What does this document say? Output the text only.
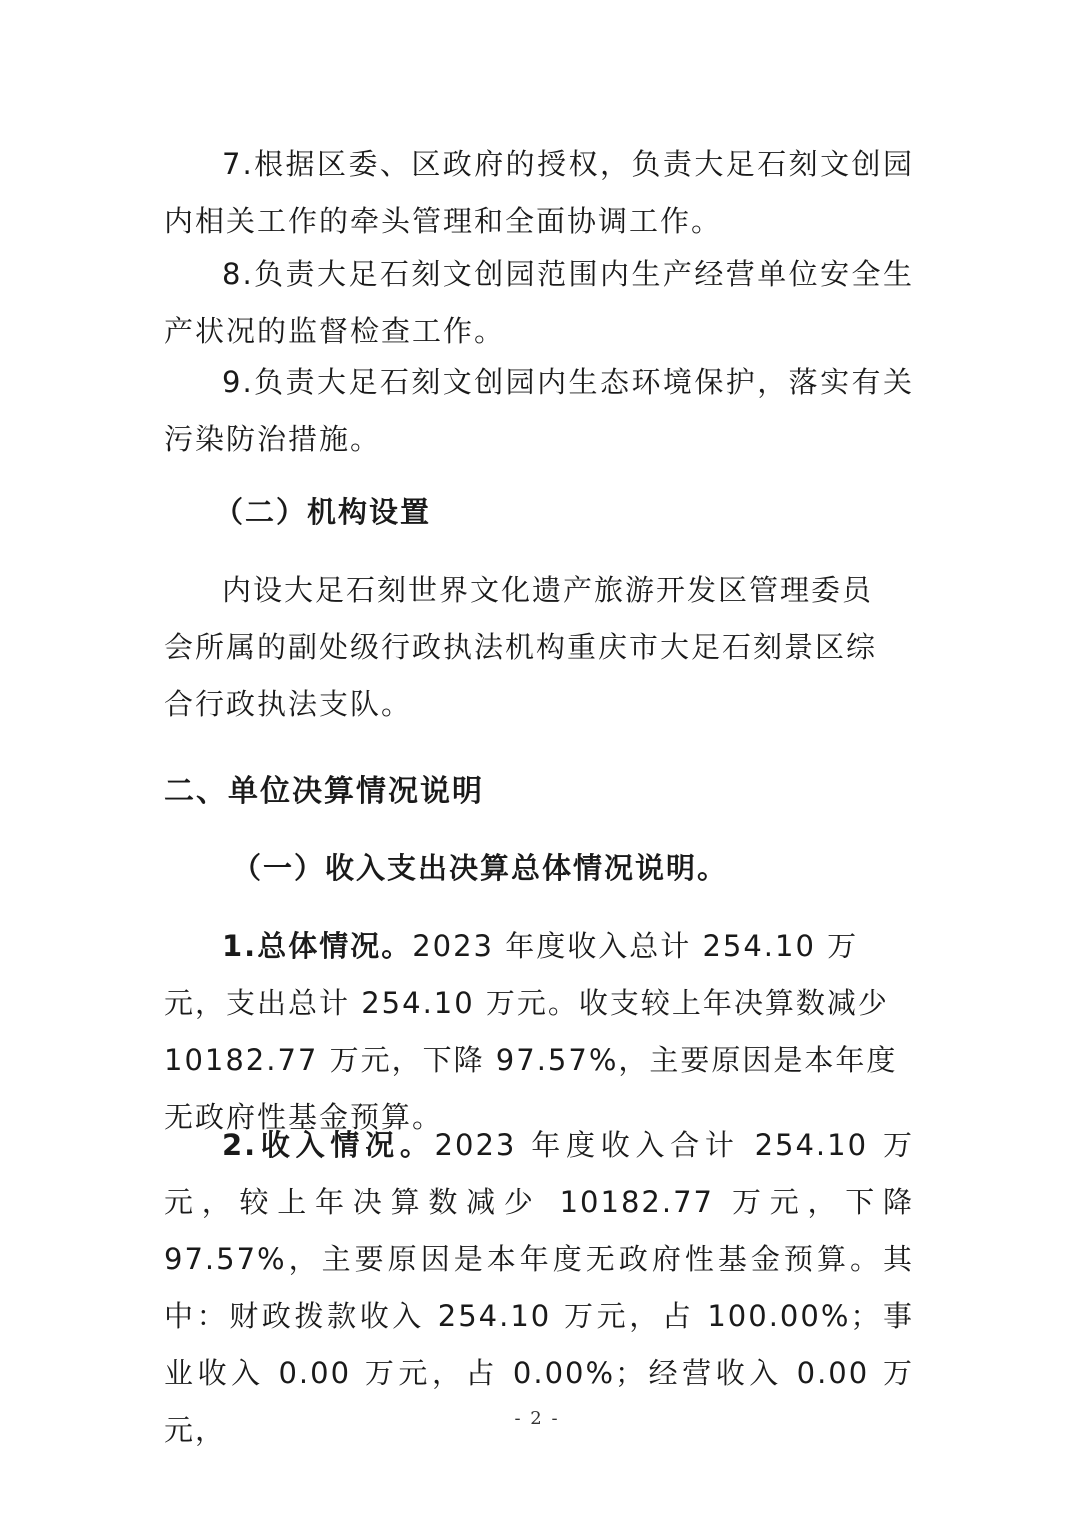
7.根据区委、区政府的授权，负责大足石刻文创园内相关工作的牵头管理和全面协调工作。

8.负责大足石刻文创园范围内生产经营单位安全生产状况的监督检查工作。

9.负责大足石刻文创园内生态环境保护，落实有关污染防治措施。

（二）机构设置

内设大足石刻世界文化遗产旅游开发区管理委员会所属的副处级行政执法机构重庆市大足石刻景区综合行政执法支队。

二、单位决算情况说明

（一）收入支出决算总体情况说明。

1.总体情况。2023 年度收入总计 254.10 万元，支出总计 254.10 万元。收支较上年决算数减少 10182.77 万元，下降 97.57%，主要原因是本年度无政府性基金预算。

2.收入情况。2023 年度收入合计 254.10 万元，较上年决算数减少 10182.77 万元，下降 97.57%，主要原因是本年度无政府性基金预算。其中：财政拨款收入 254.10 万元，占 100.00%；事业收入 0.00 万元，占 0.00%；经营收入 0.00 万元，	- 2 -
